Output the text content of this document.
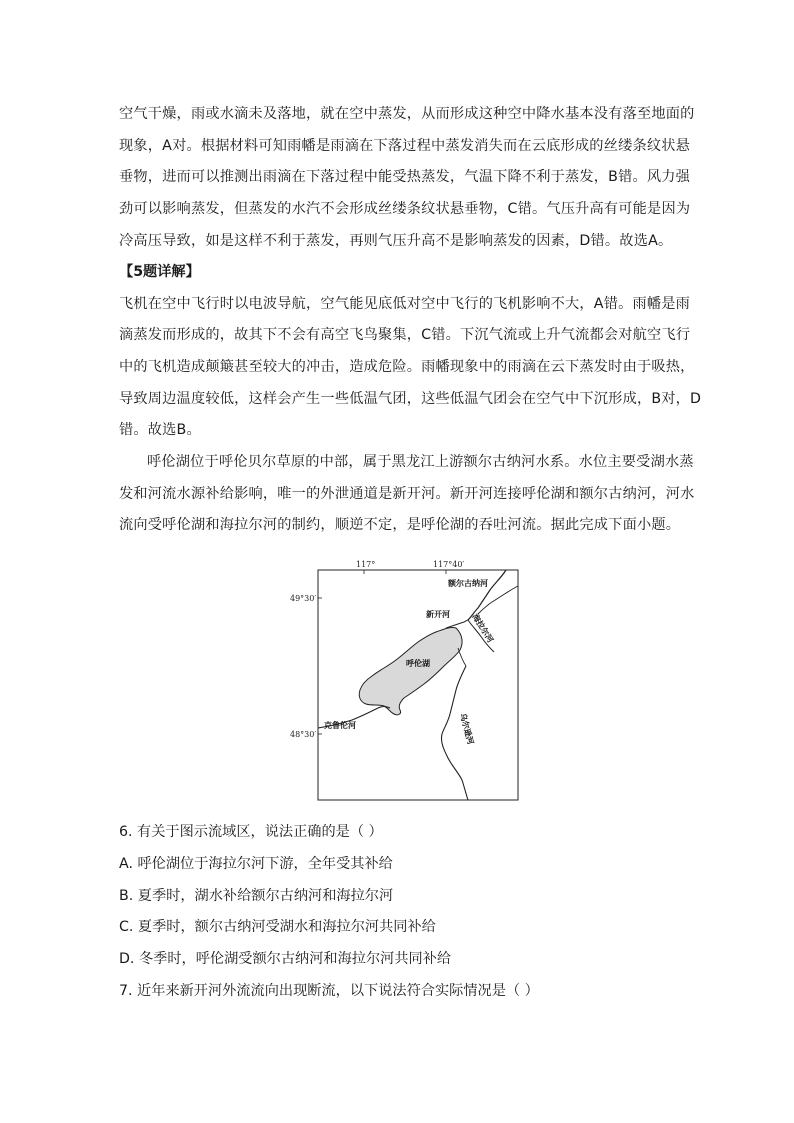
空气干燥，雨或水滴未及落地，就在空中蒸发，从而形成这种空中降水基本没有落至地面的
现象，A对。根据材料可知雨幡是雨滴在下落过程中蒸发消失而在云底形成的丝缕条纹状悬
垂物，进而可以推测出雨滴在下落过程中能受热蒸发，气温下降不利于蒸发，B错。风力强
劲可以影响蒸发，但蒸发的水汽不会形成丝缕条纹状悬垂物，C错。气压升高有可能是因为
冷高压导致，如是这样不利于蒸发，再则气压升高不是影响蒸发的因素，D错。故选A。
【5题详解】
飞机在空中飞行时以电波导航，空气能见底低对空中飞行的飞机影响不大，A错。雨幡是雨
滴蒸发而形成的，故其下不会有高空飞鸟聚集，C错。下沉气流或上升气流都会对航空飞行
中的飞机造成颠簸甚至较大的冲击，造成危险。雨幡现象中的雨滴在云下蒸发时由于吸热，
导致周边温度较低，这样会产生一些低温气团，这些低温气团会在空气中下沉形成，B对，D
错。故选B。
呼伦湖位于呼伦贝尔草原的中部，属于黑龙江上游额尔古纳河水系。水位主要受湖水蒸
发和河流水源补给影响，唯一的外泄通道是新开河。新开河连接呼伦湖和额尔古纳河，河水
流向受呼伦湖和海拉尔河的制约，顺逆不定，是呼伦湖的吞吐河流。据此完成下面小题。
117°	117°40′
49°30′
48°30′
额尔古纳河
新开河	海拉尔河
呼伦湖
克鲁伦河	乌尔逊河
6. 有关于图示流域区，说法正确的是（ ）
A. 呼伦湖位于海拉尔河下游，全年受其补给
B. 夏季时，湖水补给额尔古纳河和海拉尔河
C. 夏季时，额尔古纳河受湖水和海拉尔河共同补给
D. 冬季时，呼伦湖受额尔古纳河和海拉尔河共同补给
7. 近年来新开河外流流向出现断流，以下说法符合实际情况是（ ）
